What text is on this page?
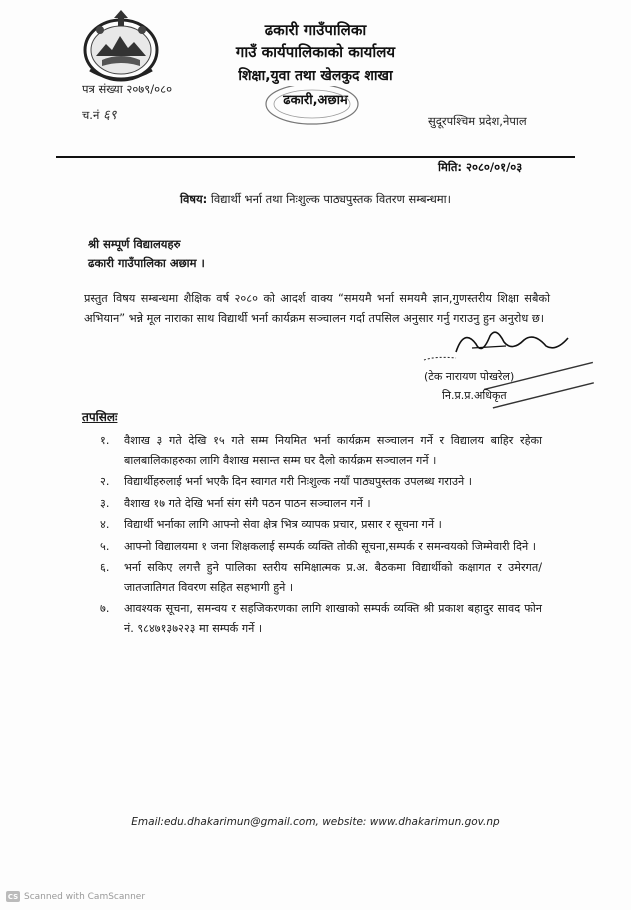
ढकारी गाउँपालिका
गाउँ कार्यपालिकाको कार्यालय
शिक्षा,युवा तथा खेलकुद शाखा
ढकारी,अछाम
पत्र संख्या २०७९/०८०
च.नं ६९	सुदूरपश्चिम प्रदेश,नेपाल
मिति: २०८०/०१/०३
विषय: विद्यार्थी भर्ना तथा निःशुल्क पाठ्यपुस्तक वितरण सम्बन्धमा।
श्री सम्पूर्ण विद्यालयहरु
ढकारी गाउँपालिका अछाम ।
प्रस्तुत विषय सम्बन्धमा शैक्षिक वर्ष २०८० को आदर्श वाक्य “समयमै भर्ना समयमै ज्ञान,गुणस्तरीय शिक्षा सबैको अभियान” भन्ने मूल नाराका साथ विद्यार्थी भर्ना कार्यक्रम सञ्चालन गर्दा तपसिल अनुसार गर्नु गराउनु हुन अनुरोध छ।
(टेक नारायण पोखरेल)
नि.प्र.प्र.अधिकृत
तपसिलः
१.	वैशाख ३ गते देखि १५ गते सम्म नियमित भर्ना कार्यक्रम सञ्चालन गर्ने र विद्यालय बाहिर रहेका बालबालिकाहरुका लागि वैशाख मसान्त सम्म घर दैलो कार्यक्रम सञ्चालन गर्ने ।
२.	विद्यार्थीहरुलाई भर्ना भएकै दिन स्वागत गरी निःशुल्क नयाँ पाठ्यपुस्तक उपलब्ध गराउने ।
३.	वैशाख १७ गते देखि भर्ना संग संगै पठन पाठन सञ्चालन गर्ने ।
४.	विद्यार्थी भर्नाका लागि आफ्नो सेवा क्षेत्र भित्र व्यापक प्रचार, प्रसार र सूचना गर्ने ।
५.	आफ्नो विद्यालयमा १ जना शिक्षकलाई सम्पर्क व्यक्ति तोकी सूचना,सम्पर्क र समन्वयको जिम्मेवारी दिने ।
६.	भर्ना सकिए लगत्तै हुने पालिका स्तरीय समिक्षात्मक प्र.अ. बैठकमा विद्यार्थीको कक्षागत र उमेरगत/जातजातिगत विवरण सहित सहभागी हुने ।
७.	आवश्यक सूचना, समन्वय र सहजिकरणका लागि शाखाको सम्पर्क व्यक्ति श्री प्रकाश बहादुर सावद फोन नं. ९८४७१३७२२३ मा सम्पर्क गर्ने ।
Email:edu.dhakarimun@gmail.com, website: www.dhakarimun.gov.np
CS Scanned with CamScanner
